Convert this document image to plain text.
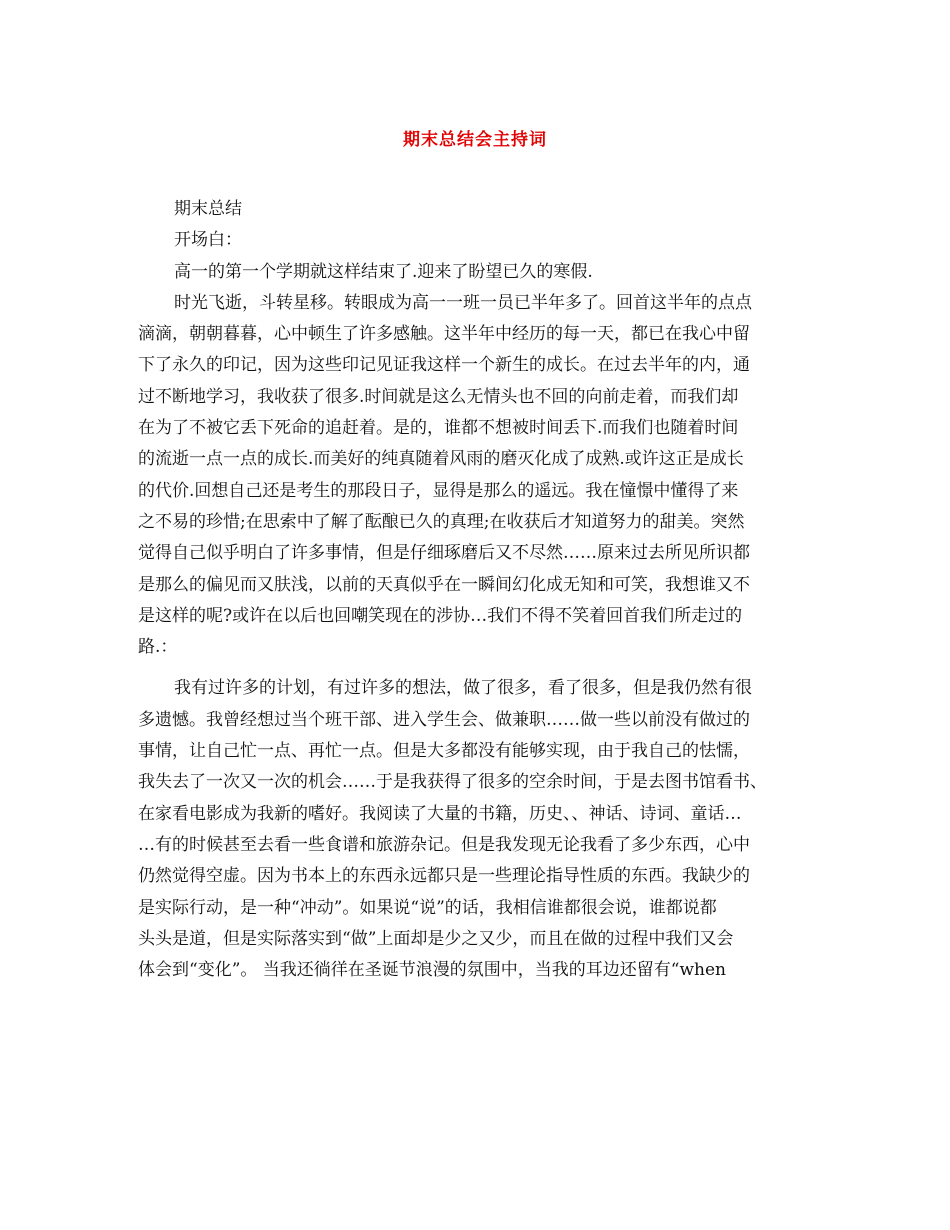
期末总结会主持词
期末总结
开场白：
高一的第一个学期就这样结束了.迎来了盼望已久的寒假.
时光飞逝，斗转星移。转眼成为高一一班一员已半年多了。回首这半年的点点
滴滴，朝朝暮暮，心中顿生了许多感触。这半年中经历的每一天，都已在我心中留
下了永久的印记，因为这些印记见证我这样一个新生的成长。在过去半年的内，通
过不断地学习，我收获了很多.时间就是这么无情头也不回的向前走着，而我们却
在为了不被它丢下死命的追赶着。是的，谁都不想被时间丢下.而我们也随着时间
的流逝一点一点的成长.而美好的纯真随着风雨的磨灭化成了成熟.或许这正是成长
的代价.回想自己还是考生的那段日子，显得是那么的遥远。我在憧憬中懂得了来
之不易的珍惜;在思索中了解了酝酿已久的真理;在收获后才知道努力的甜美。突然
觉得自己似乎明白了许多事情，但是仔细琢磨后又不尽然……原来过去所见所识都
是那么的偏见而又肤浅，以前的天真似乎在一瞬间幻化成无知和可笑，我想谁又不
是这样的呢?或许在以后也回嘲笑现在的涉协…我们不得不笑着回首我们所走过的
路.：
我有过许多的计划，有过许多的想法，做了很多，看了很多，但是我仍然有很
多遗憾。我曾经想过当个班干部、进入学生会、做兼职……做一些以前没有做过的
事情，让自己忙一点、再忙一点。但是大多都没有能够实现，由于我自己的怯懦，
我失去了一次又一次的机会……于是我获得了很多的空余时间，于是去图书馆看书、
在家看电影成为我新的嗜好。我阅读了大量的书籍，历史、、神话、诗词、童话…
…有的时候甚至去看一些食谱和旅游杂记。但是我发现无论我看了多少东西，心中
仍然觉得空虚。因为书本上的东西永远都只是一些理论指导性质的东西。我缺少的
是实际行动，是一种“冲动”。如果说“说”的话，我相信谁都很会说，谁都说都
头头是道，但是实际落实到“做”上面却是少之又少，而且在做的过程中我们又会
体会到“变化”。 当我还徜徉在圣诞节浪漫的氛围中，当我的耳边还留有“when
